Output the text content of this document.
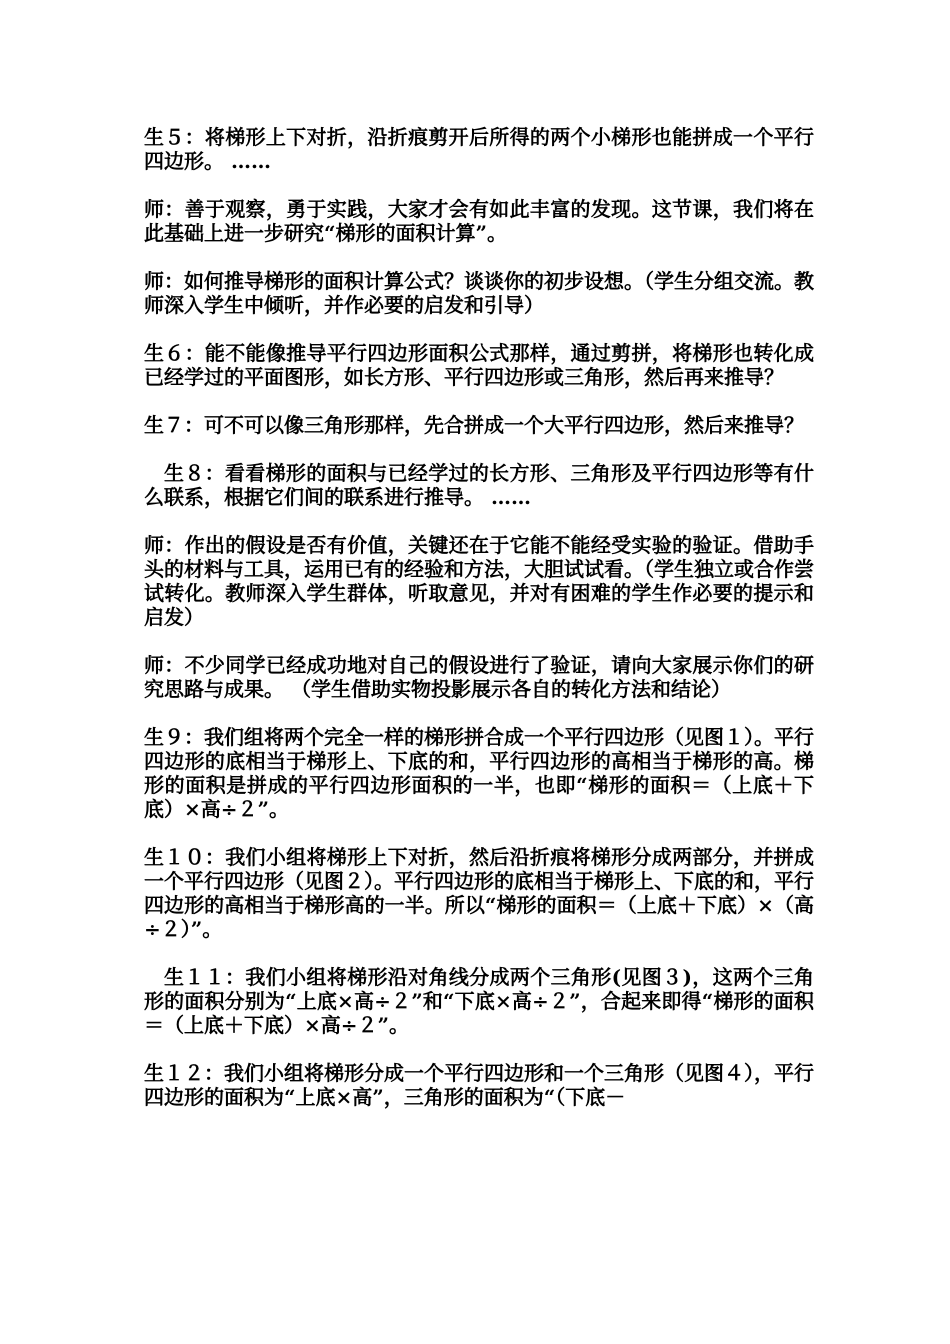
生５：将梯形上下对折，沿折痕剪开后所得的两个小梯形也能拼成一个平行四边形。 ……

师：善于观察，勇于实践，大家才会有如此丰富的发现。这节课，我们将在此基础上进一步研究“梯形的面积计算”。

师：如何推导梯形的面积计算公式？谈谈你的初步设想。（学生分组交流。教师深入学生中倾听，并作必要的启发和引导）

生６：能不能像推导平行四边形面积公式那样，通过剪拼，将梯形也转化成已经学过的平面图形，如长方形、平行四边形或三角形，然后再来推导？

生７：可不可以像三角形那样，先合拼成一个大平行四边形，然后来推导？

生８：看看梯形的面积与已经学过的长方形、三角形及平行四边形等有什么联系，根据它们间的联系进行推导。 ……

师：作出的假设是否有价值，关键还在于它能不能经受实验的验证。借助手头的材料与工具，运用已有的经验和方法，大胆试试看。（学生独立或合作尝试转化。教师深入学生群体，听取意见，并对有困难的学生作必要的提示和启发）

师：不少同学已经成功地对自己的假设进行了验证，请向大家展示你们的研究思路与成果。 （学生借助实物投影展示各自的转化方法和结论）

生９：我们组将两个完全一样的梯形拼合成一个平行四边形（见图１）。平行四边形的底相当于梯形上、下底的和，平行四边形的高相当于梯形的高。梯形的面积是拼成的平行四边形面积的一半，也即“梯形的面积＝（上底＋下底）×高÷２”。

生１０：我们小组将梯形上下对折，然后沿折痕将梯形分成两部分，并拼成一个平行四边形（见图２）。平行四边形的底相当于梯形上、下底的和，平行四边形的高相当于梯形高的一半。所以“梯形的面积＝（上底＋下底）×（高÷２）”。

生１１：我们小组将梯形沿对角线分成两个三角形(见图３)，这两个三角形的面积分别为“上底×高÷２”和“下底×高÷２”，合起来即得“梯形的面积＝（上底＋下底）×高÷２”。

生１２：我们小组将梯形分成一个平行四边形和一个三角形（见图４），平行四边形的面积为“上底×高”，三角形的面积为“（下底－
